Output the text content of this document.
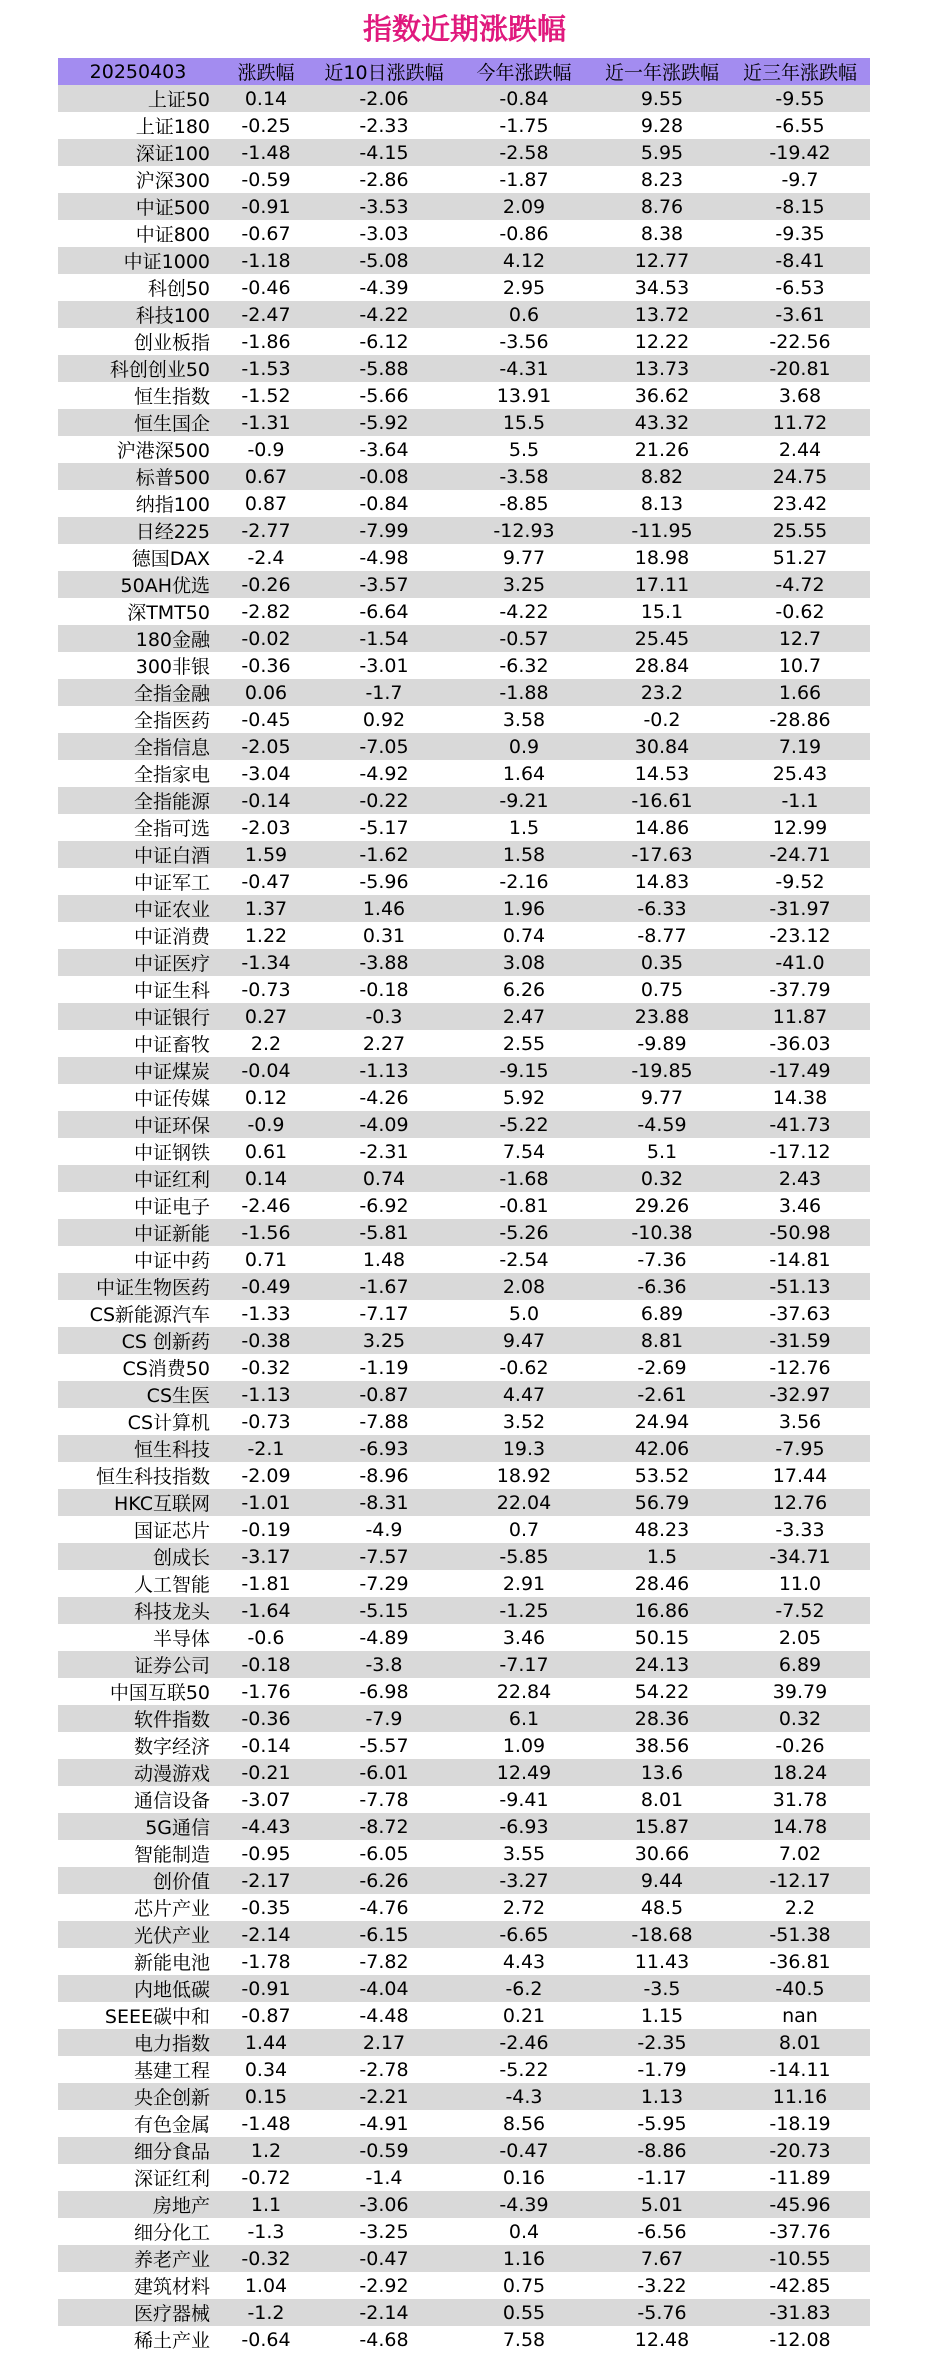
指数近期涨跌幅
20250403	涨跌幅	近10日涨跌幅	今年涨跌幅	近一年涨跌幅	近三年涨跌幅
上证50	0.14	-2.06	-0.84	9.55	-9.55
上证180	-0.25	-2.33	-1.75	9.28	-6.55
深证100	-1.48	-4.15	-2.58	5.95	-19.42
沪深300	-0.59	-2.86	-1.87	8.23	-9.7
中证500	-0.91	-3.53	2.09	8.76	-8.15
中证800	-0.67	-3.03	-0.86	8.38	-9.35
中证1000	-1.18	-5.08	4.12	12.77	-8.41
科创50	-0.46	-4.39	2.95	34.53	-6.53
科技100	-2.47	-4.22	0.6	13.72	-3.61
创业板指	-1.86	-6.12	-3.56	12.22	-22.56
科创创业50	-1.53	-5.88	-4.31	13.73	-20.81
恒生指数	-1.52	-5.66	13.91	36.62	3.68
恒生国企	-1.31	-5.92	15.5	43.32	11.72
沪港深500	-0.9	-3.64	5.5	21.26	2.44
标普500	0.67	-0.08	-3.58	8.82	24.75
纳指100	0.87	-0.84	-8.85	8.13	23.42
日经225	-2.77	-7.99	-12.93	-11.95	25.55
德国DAX	-2.4	-4.98	9.77	18.98	51.27
50AH优选	-0.26	-3.57	3.25	17.11	-4.72
深TMT50	-2.82	-6.64	-4.22	15.1	-0.62
180金融	-0.02	-1.54	-0.57	25.45	12.7
300非银	-0.36	-3.01	-6.32	28.84	10.7
全指金融	0.06	-1.7	-1.88	23.2	1.66
全指医药	-0.45	0.92	3.58	-0.2	-28.86
全指信息	-2.05	-7.05	0.9	30.84	7.19
全指家电	-3.04	-4.92	1.64	14.53	25.43
全指能源	-0.14	-0.22	-9.21	-16.61	-1.1
全指可选	-2.03	-5.17	1.5	14.86	12.99
中证白酒	1.59	-1.62	1.58	-17.63	-24.71
中证军工	-0.47	-5.96	-2.16	14.83	-9.52
中证农业	1.37	1.46	1.96	-6.33	-31.97
中证消费	1.22	0.31	0.74	-8.77	-23.12
中证医疗	-1.34	-3.88	3.08	0.35	-41.0
中证生科	-0.73	-0.18	6.26	0.75	-37.79
中证银行	0.27	-0.3	2.47	23.88	11.87
中证畜牧	2.2	2.27	2.55	-9.89	-36.03
中证煤炭	-0.04	-1.13	-9.15	-19.85	-17.49
中证传媒	0.12	-4.26	5.92	9.77	14.38
中证环保	-0.9	-4.09	-5.22	-4.59	-41.73
中证钢铁	0.61	-2.31	7.54	5.1	-17.12
中证红利	0.14	0.74	-1.68	0.32	2.43
中证电子	-2.46	-6.92	-0.81	29.26	3.46
中证新能	-1.56	-5.81	-5.26	-10.38	-50.98
中证中药	0.71	1.48	-2.54	-7.36	-14.81
中证生物医药	-0.49	-1.67	2.08	-6.36	-51.13
CS新能源汽车	-1.33	-7.17	5.0	6.89	-37.63
CS 创新药	-0.38	3.25	9.47	8.81	-31.59
CS消费50	-0.32	-1.19	-0.62	-2.69	-12.76
CS生医	-1.13	-0.87	4.47	-2.61	-32.97
CS计算机	-0.73	-7.88	3.52	24.94	3.56
恒生科技	-2.1	-6.93	19.3	42.06	-7.95
恒生科技指数	-2.09	-8.96	18.92	53.52	17.44
HKC互联网	-1.01	-8.31	22.04	56.79	12.76
国证芯片	-0.19	-4.9	0.7	48.23	-3.33
创成长	-3.17	-7.57	-5.85	1.5	-34.71
人工智能	-1.81	-7.29	2.91	28.46	11.0
科技龙头	-1.64	-5.15	-1.25	16.86	-7.52
半导体	-0.6	-4.89	3.46	50.15	2.05
证券公司	-0.18	-3.8	-7.17	24.13	6.89
中国互联50	-1.76	-6.98	22.84	54.22	39.79
软件指数	-0.36	-7.9	6.1	28.36	0.32
数字经济	-0.14	-5.57	1.09	38.56	-0.26
动漫游戏	-0.21	-6.01	12.49	13.6	18.24
通信设备	-3.07	-7.78	-9.41	8.01	31.78
5G通信	-4.43	-8.72	-6.93	15.87	14.78
智能制造	-0.95	-6.05	3.55	30.66	7.02
创价值	-2.17	-6.26	-3.27	9.44	-12.17
芯片产业	-0.35	-4.76	2.72	48.5	2.2
光伏产业	-2.14	-6.15	-6.65	-18.68	-51.38
新能电池	-1.78	-7.82	4.43	11.43	-36.81
内地低碳	-0.91	-4.04	-6.2	-3.5	-40.5
SEEE碳中和	-0.87	-4.48	0.21	1.15	nan
电力指数	1.44	2.17	-2.46	-2.35	8.01
基建工程	0.34	-2.78	-5.22	-1.79	-14.11
央企创新	0.15	-2.21	-4.3	1.13	11.16
有色金属	-1.48	-4.91	8.56	-5.95	-18.19
细分食品	1.2	-0.59	-0.47	-8.86	-20.73
深证红利	-0.72	-1.4	0.16	-1.17	-11.89
房地产	1.1	-3.06	-4.39	5.01	-45.96
细分化工	-1.3	-3.25	0.4	-6.56	-37.76
养老产业	-0.32	-0.47	1.16	7.67	-10.55
建筑材料	1.04	-2.92	0.75	-3.22	-42.85
医疗器械	-1.2	-2.14	0.55	-5.76	-31.83
稀土产业	-0.64	-4.68	7.58	12.48	-12.08
